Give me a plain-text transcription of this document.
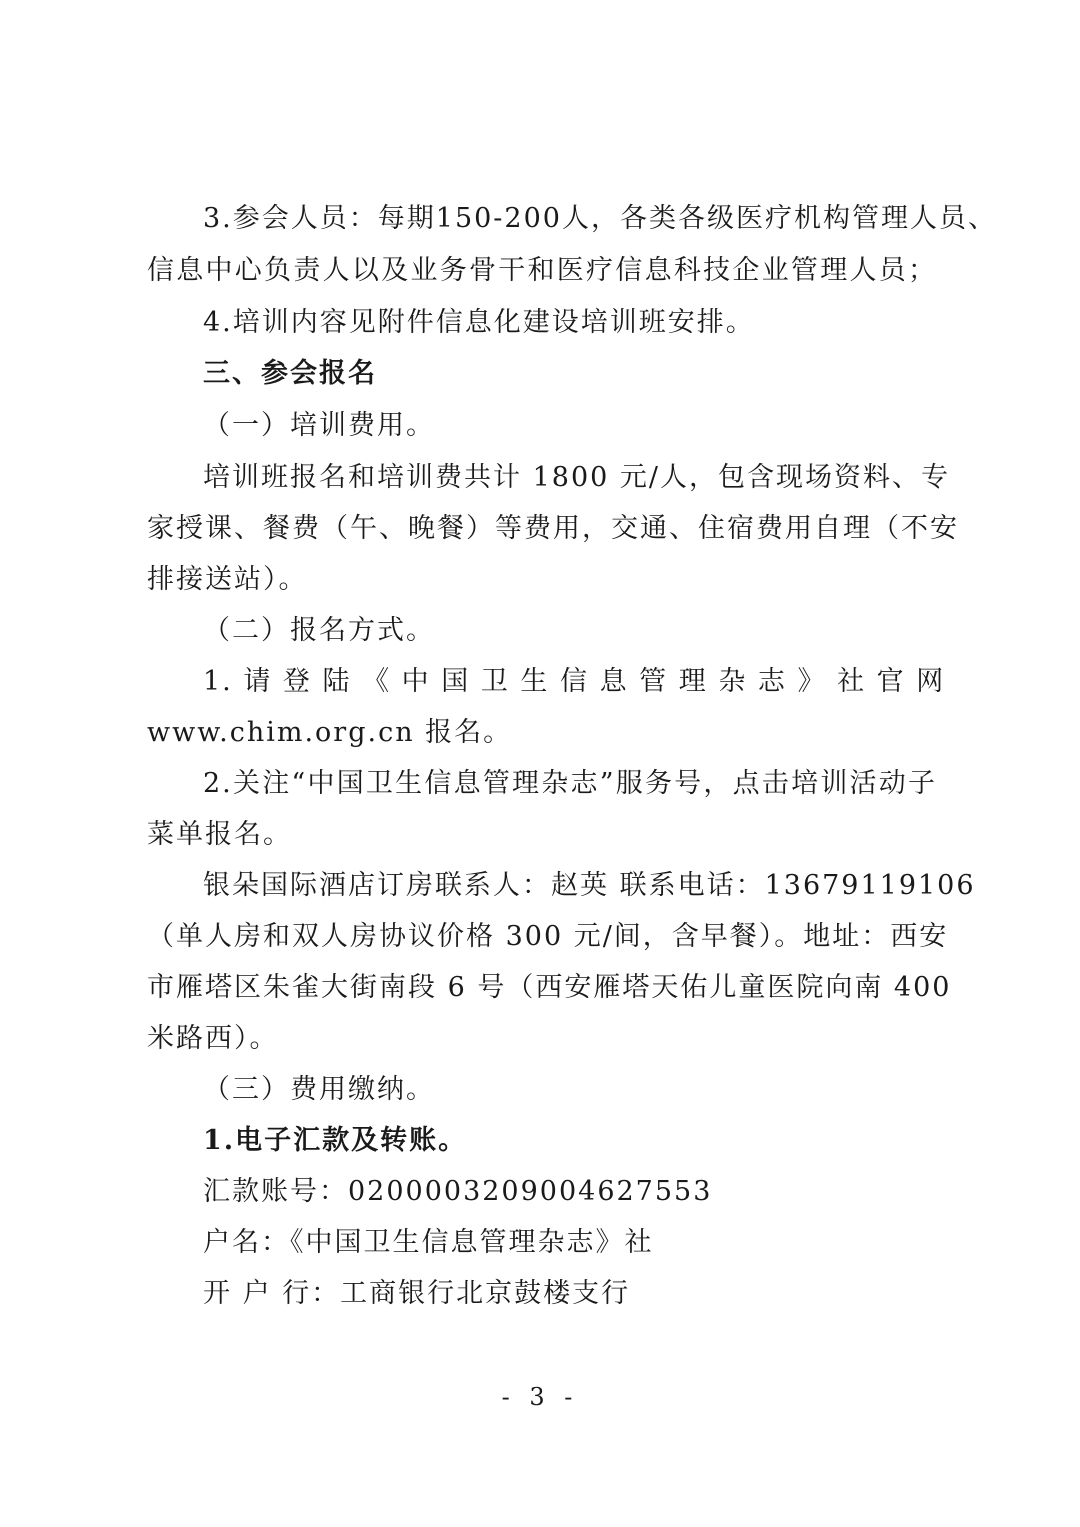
3.参会人员：每期150-200人，各类各级医疗机构管理人员、
信息中心负责人以及业务骨干和医疗信息科技企业管理人员；
4.培训内容见附件信息化建设培训班安排。
三、参会报名
（一）培训费用。
培训班报名和培训费共计 1800 元/人，包含现场资料、专
家授课、餐费（午、晚餐）等费用，交通、住宿费用自理（不安
排接送站）。
（二）报名方式。
1. 请 登 陆 《 中 国 卫 生 信 息 管 理 杂 志 》 社 官 网
www.chim.org.cn 报名。
2.关注“中国卫生信息管理杂志”服务号，点击培训活动子
菜单报名。
银朵国际酒店订房联系人：赵英 联系电话：13679119106
（单人房和双人房协议价格 300 元/间，含早餐）。地址：西安
市雁塔区朱雀大街南段 6 号（西安雁塔天佑儿童医院向南 400
米路西）。
（三）费用缴纳。
1.电子汇款及转账。
汇款账号：0200003209004627553
户名：《中国卫生信息管理杂志》社
开 户 行：工商银行北京鼓楼支行
- 3 -
